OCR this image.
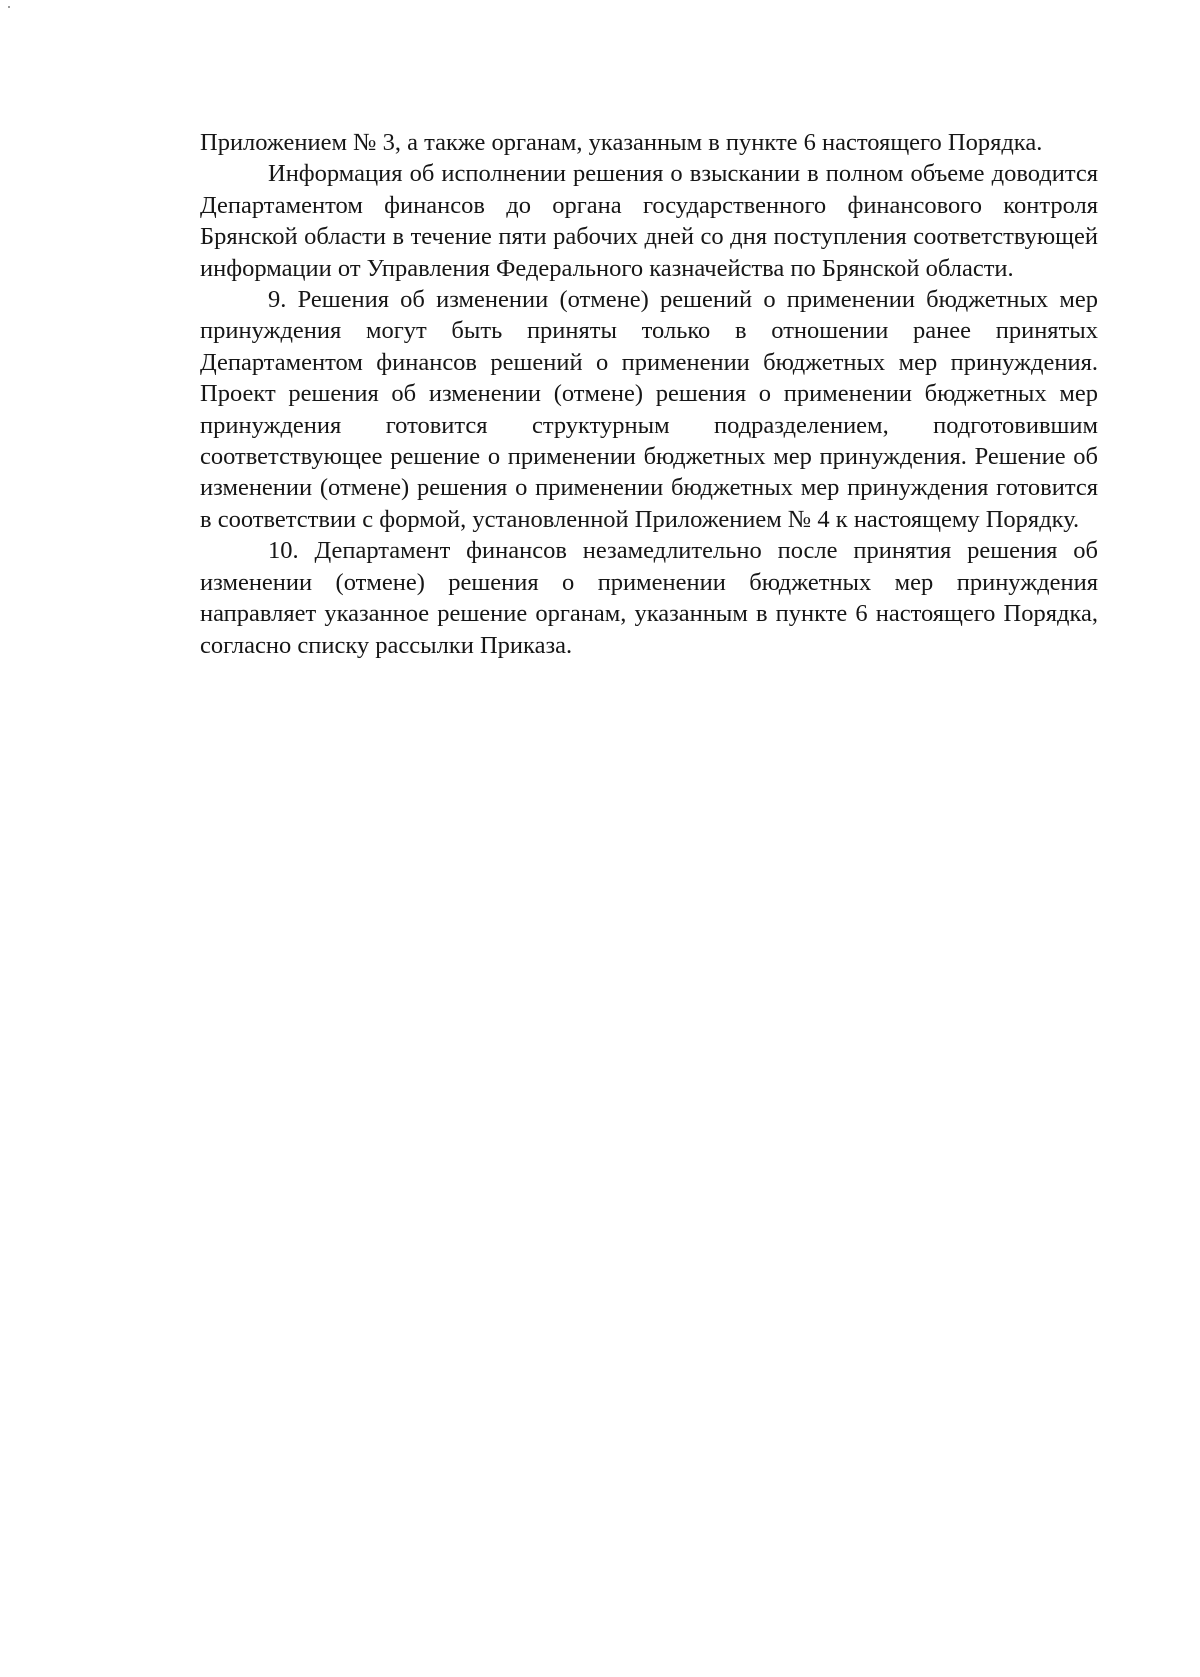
Приложением № 3, а также органам, указанным в пункте 6 настоящего Порядка.

Информация об исполнении решения о взыскании в полном объеме доводится Департаментом финансов до органа государственного финансового контроля Брянской области в течение пяти рабочих дней со дня поступления соответствующей информации от Управления Федерального казначейства по Брянской области.

9. Решения об изменении (отмене) решений о применении бюджетных мер принуждения могут быть приняты только в отношении ранее принятых Департаментом финансов решений о применении бюджетных мер принуждения. Проект решения об изменении (отмене) решения о применении бюджетных мер принуждения готовится структурным подразделением, подготовившим соответствующее решение о применении бюджетных мер принуждения. Решение об изменении (отмене) решения о применении бюджетных мер принуждения готовится в соответствии с формой, установленной Приложением № 4 к настоящему Порядку.

10. Департамент финансов незамедлительно после принятия решения об изменении (отмене) решения о применении бюджетных мер принуждения направляет указанное решение органам, указанным в пункте 6 настоящего Порядка, согласно списку рассылки Приказа.
